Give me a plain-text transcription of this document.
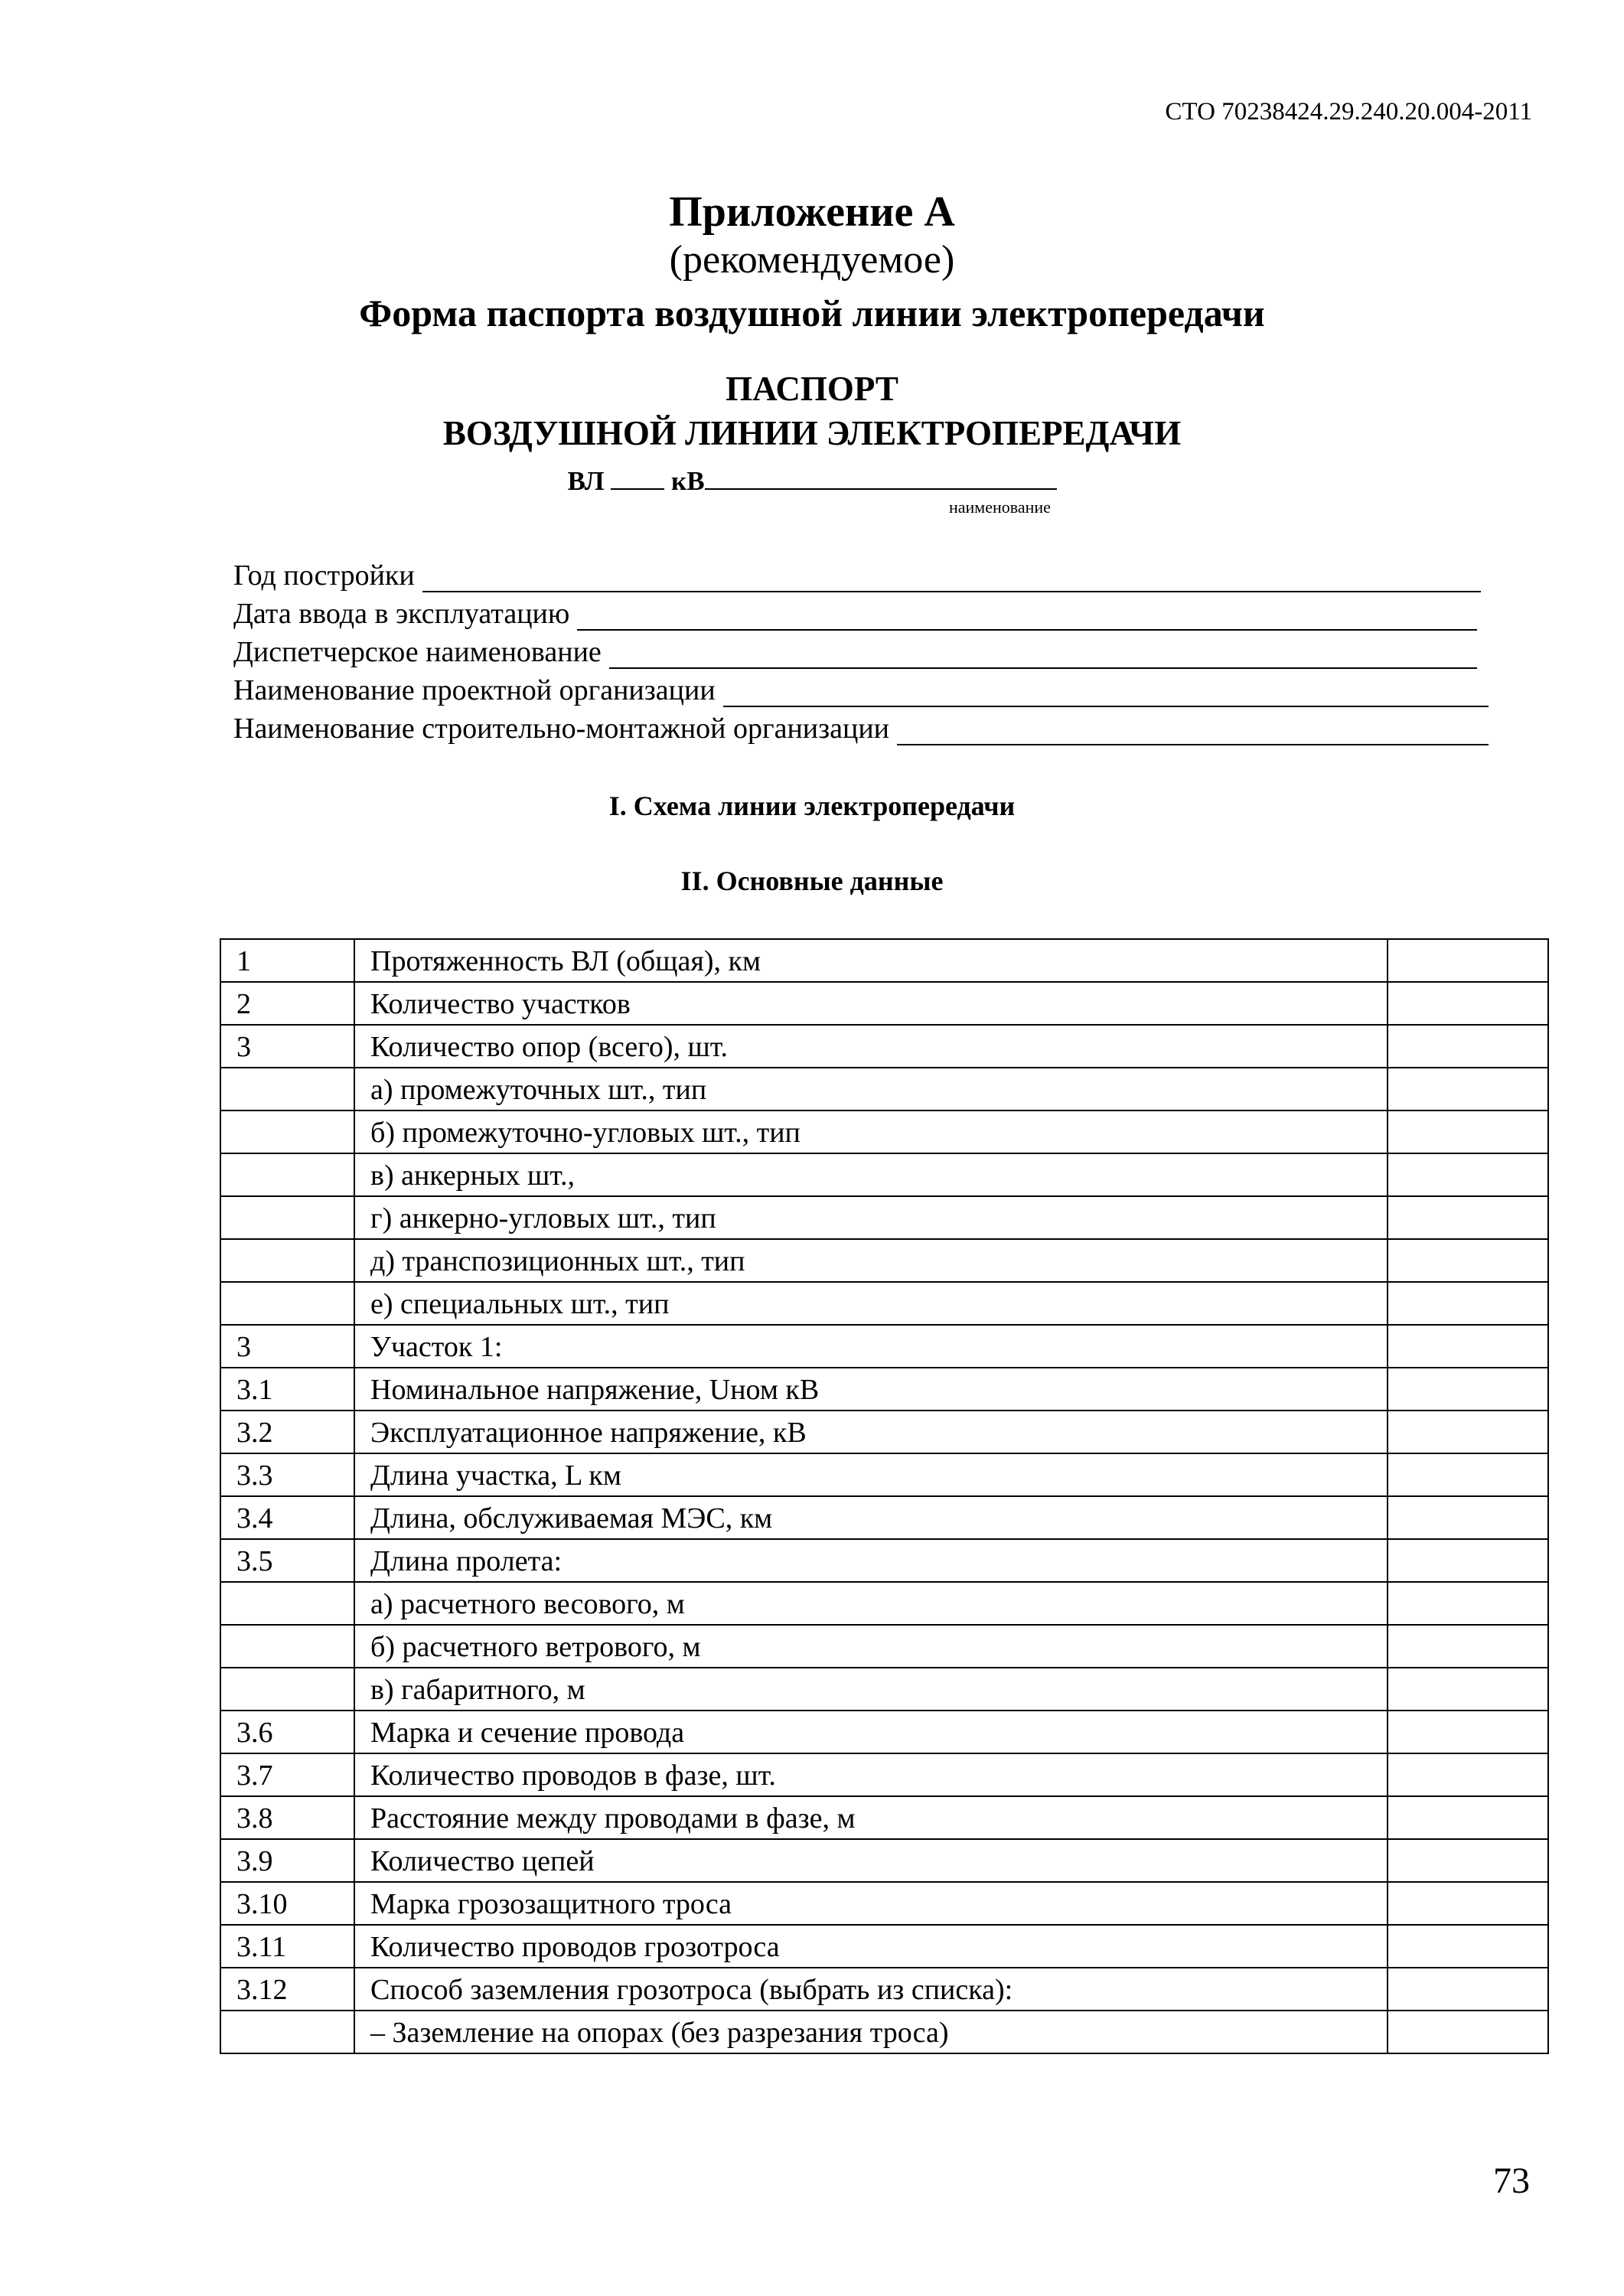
СТО 70238424.29.240.20.004-2011
Приложение А
(рекомендуемое)
Форма паспорта воздушной линии электропередачи
ПАСПОРТ
ВОЗДУШНОЙ ЛИНИИ ЭЛЕКТРОПЕРЕДАЧИ
ВЛ	кВ
наименование
Год постройки
Дата ввода в эксплуатацию
Диспетчерское наименование
Наименование проектной организации
Наименование строительно-монтажной организации
I. Схема линии электропередачи
II. Основные данные
1	Протяженность ВЛ (общая), км	
2	Количество участков	
3	Количество опор (всего), шт.	
	а) промежуточных шт., тип	
	б) промежуточно-угловых шт., тип	
	в) анкерных шт.,	
	г) анкерно-угловых шт., тип	
	д) транспозиционных шт., тип	
	е) специальных шт., тип	
3	Участок 1:	
3.1	Номинальное напряжение, Uном кВ	
3.2	Эксплуатационное напряжение, кВ	
3.3	Длина участка, L км	
3.4	Длина, обслуживаемая МЭС, км	
3.5	Длина пролета:	
	а) расчетного весового, м	
	б) расчетного ветрового, м	
	в) габаритного, м	
3.6	Марка и сечение провода	
3.7	Количество проводов в фазе, шт.	
3.8	Расстояние между проводами в фазе, м	
3.9	Количество цепей	
3.10	Марка грозозащитного троса	
3.11	Количество проводов грозотроса	
3.12	Способ заземления грозотроса (выбрать из списка):	
	– Заземление на опорах (без разрезания троса)	
73
